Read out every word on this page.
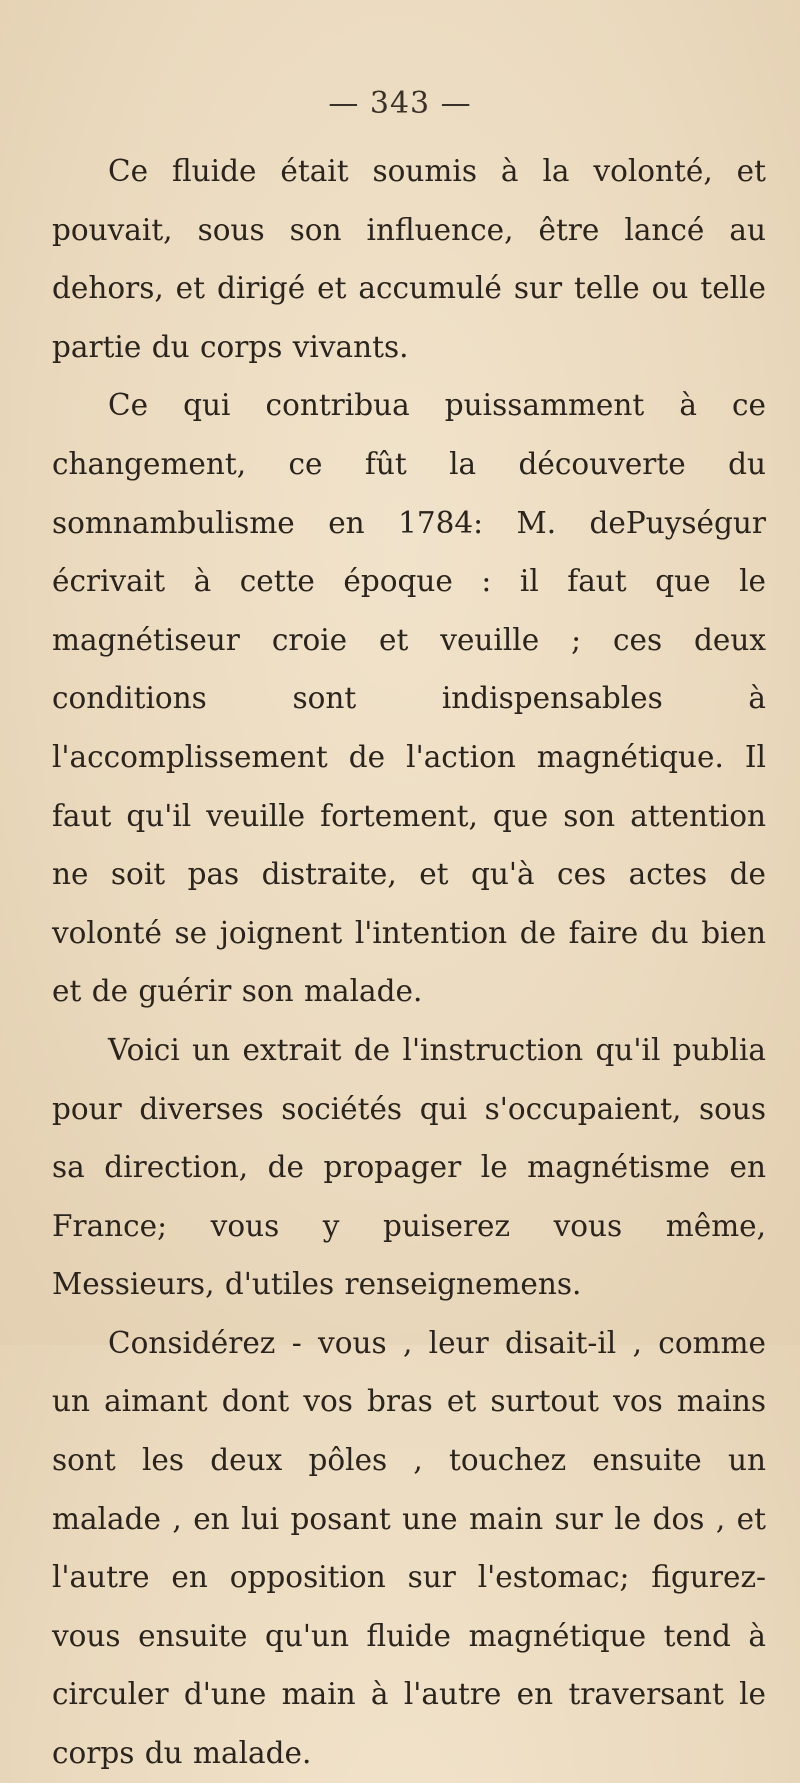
— 343 —

Ce fluide était soumis à la volonté, et pouvait, sous son influence, être lancé au dehors, et dirigé et accumulé sur telle ou telle partie du corps vivants.

Ce qui contribua puissamment à ce changement, ce fût la découverte du somnambulisme en 1784: M. dePuységur écrivait à cette époque : il faut que le magnétiseur croie et veuille ; ces deux conditions sont indispensables à l'accomplissement de l'action magnétique. Il faut qu'il veuille fortement, que son attention ne soit pas distraite, et qu'à ces actes de volonté se joignent l'intention de faire du bien et de guérir son malade.

Voici un extrait de l'instruction qu'il publia pour diverses sociétés qui s'occupaient, sous sa direction, de propager le magnétisme en France; vous y puiserez vous même, Messieurs, d'utiles renseignemens.

Considérez - vous , leur disait-il , comme un aimant dont vos bras et surtout vos mains sont les deux pôles , touchez ensuite un malade , en lui posant une main sur le dos , et l'autre en opposition sur l'estomac; figurez-vous ensuite qu'un fluide magnétique tend à circuler d'une main à l'autre en traversant le corps du malade.
